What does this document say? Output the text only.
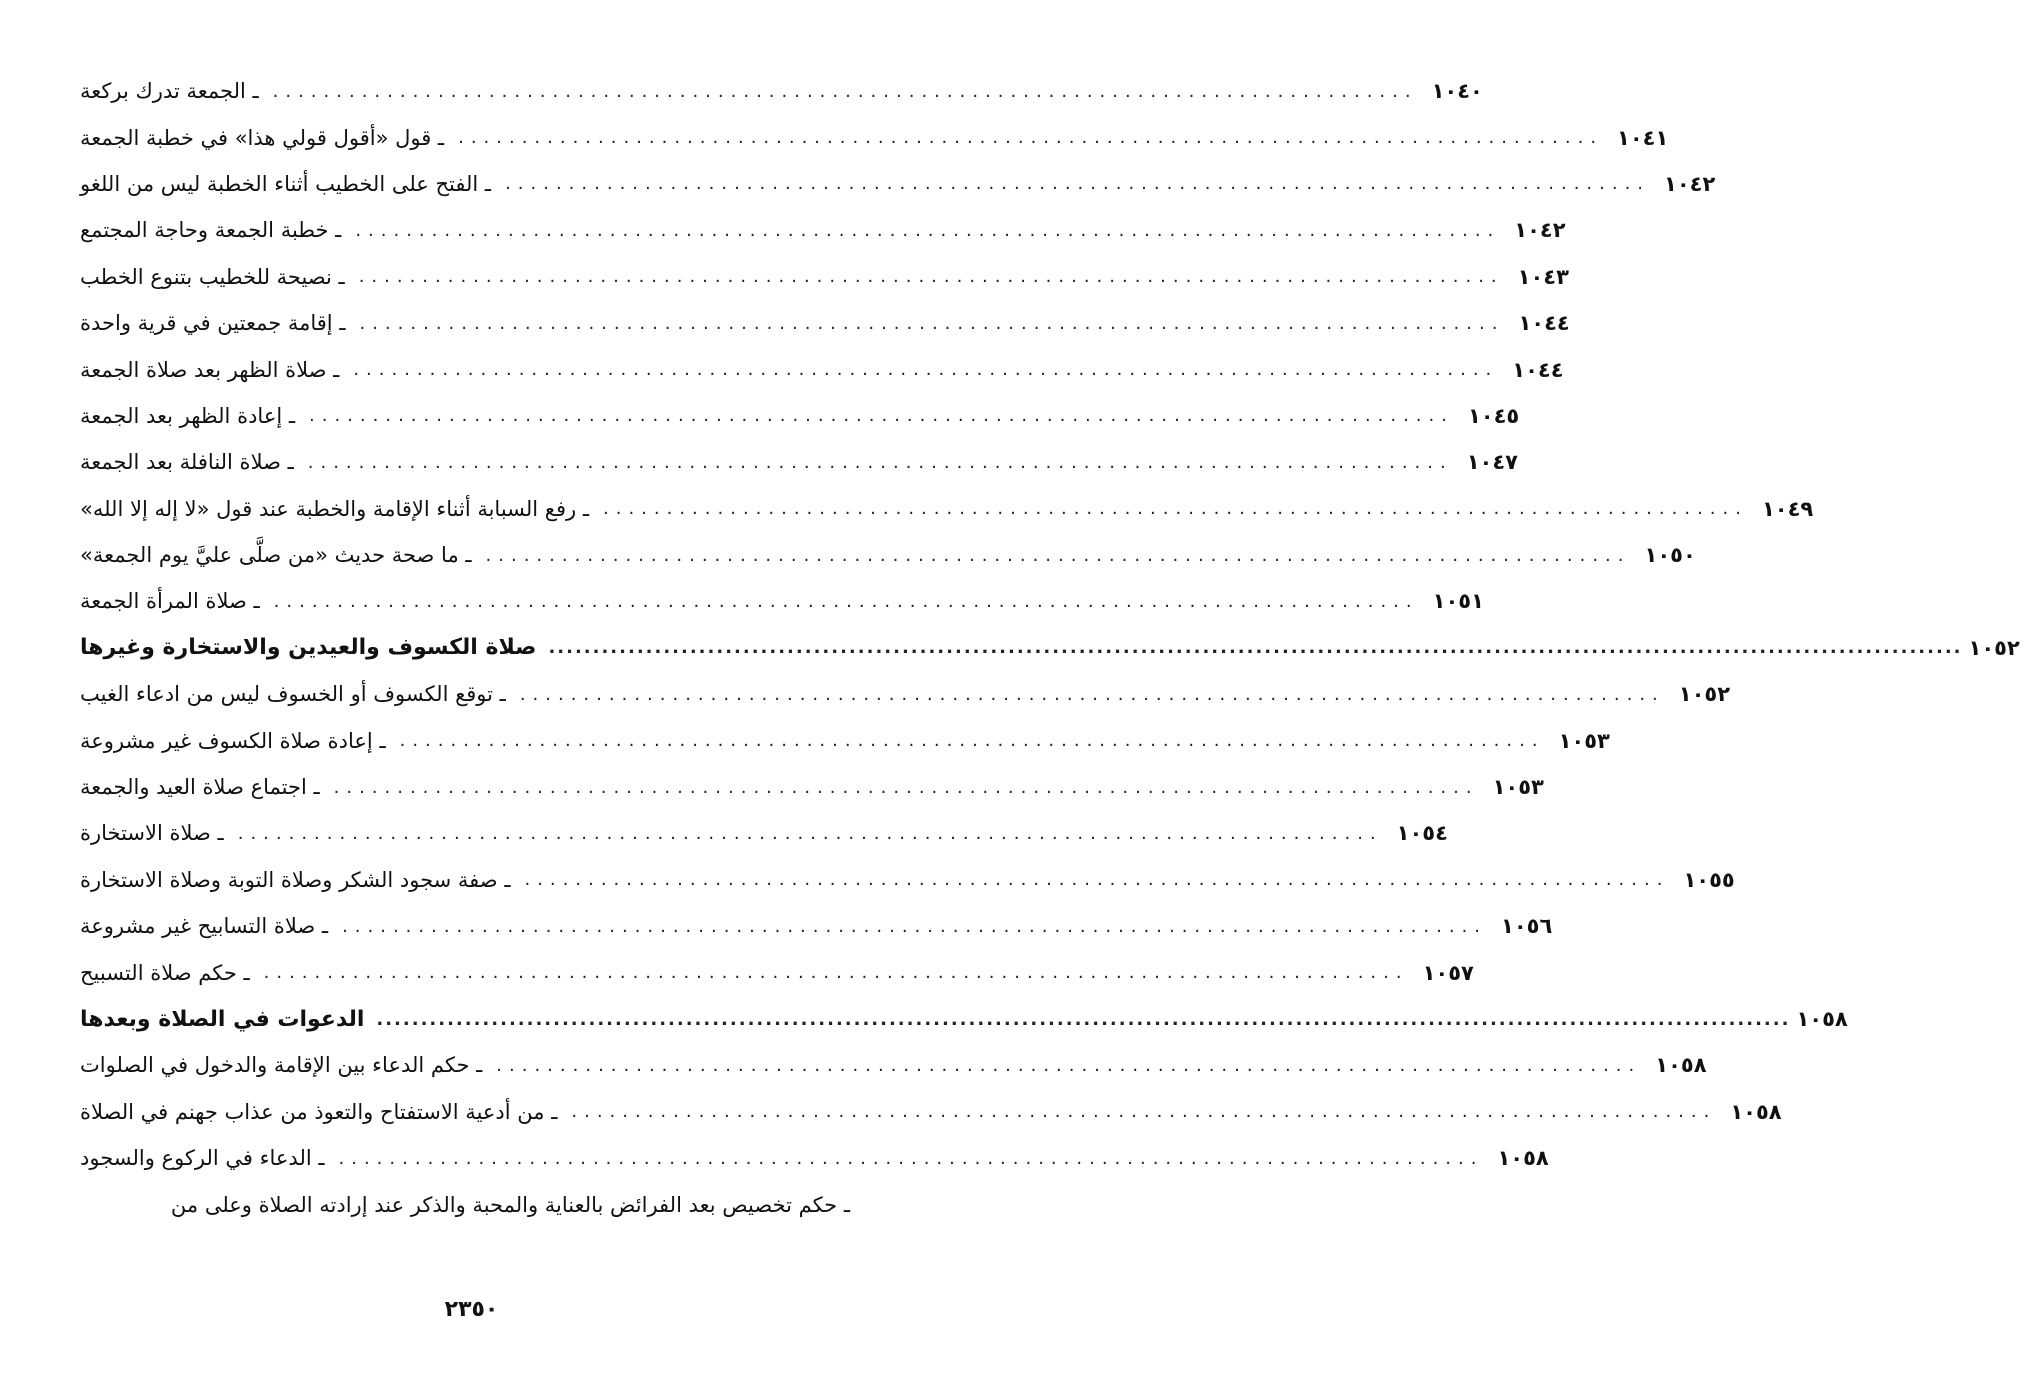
ـ الجمعة تدرك بركعة .......................................................................................... ١٠٤٠
ـ قول «أقول قولي هذا» في خطبة الجمعة .......................................................................................... ١٠٤١
ـ الفتح على الخطيب أثناء الخطبة ليس من اللغو .......................................................................................... ١٠٤٢
ـ خطبة الجمعة وحاجة المجتمع .......................................................................................... ١٠٤٢
ـ نصيحة للخطيب بتنوع الخطب .......................................................................................... ١٠٤٣
ـ إقامة جمعتين في قرية واحدة .......................................................................................... ١٠٤٤
ـ صلاة الظهر بعد صلاة الجمعة .......................................................................................... ١٠٤٤
ـ إعادة الظهر بعد الجمعة .......................................................................................... ١٠٤٥
ـ صلاة النافلة بعد الجمعة .......................................................................................... ١٠٤٧
ـ رفع السبابة أثناء الإقامة والخطبة عند قول «لا إله إلا الله» .......................................................................................... ١٠٤٩
ـ ما صحة حديث «من صلَّى عليَّ يوم الجمعة» .......................................................................................... ١٠٥٠
ـ صلاة المرأة الجمعة .......................................................................................... ١٠٥١
صلاة الكسوف والعيدين والاستخارة وغيرها ................................................................................................................................................................ ١٠٥٢
ـ توقع الكسوف أو الخسوف ليس من ادعاء الغيب .......................................................................................... ١٠٥٢
ـ إعادة صلاة الكسوف غير مشروعة .......................................................................................... ١٠٥٣
ـ اجتماع صلاة العيد والجمعة .......................................................................................... ١٠٥٣
ـ صلاة الاستخارة .......................................................................................... ١٠٥٤
ـ صفة سجود الشكر وصلاة التوبة وصلاة الاستخارة .......................................................................................... ١٠٥٥
ـ صلاة التسابيح غير مشروعة .......................................................................................... ١٠٥٦
ـ حكم صلاة التسبيح .......................................................................................... ١٠٥٧
الدعوات في الصلاة وبعدها ................................................................................................................................................................ ١٠٥٨
ـ حكم الدعاء بين الإقامة والدخول في الصلوات .......................................................................................... ١٠٥٨
ـ من أدعية الاستفتاح والتعوذ من عذاب جهنم في الصلاة .......................................................................................... ١٠٥٨
ـ الدعاء في الركوع والسجود .......................................................................................... ١٠٥٨
ـ حكم تخصيص بعد الفرائض بالعناية والمحبة والذكر عند إرادته الصلاة وعلى من
٢٣٥٠
